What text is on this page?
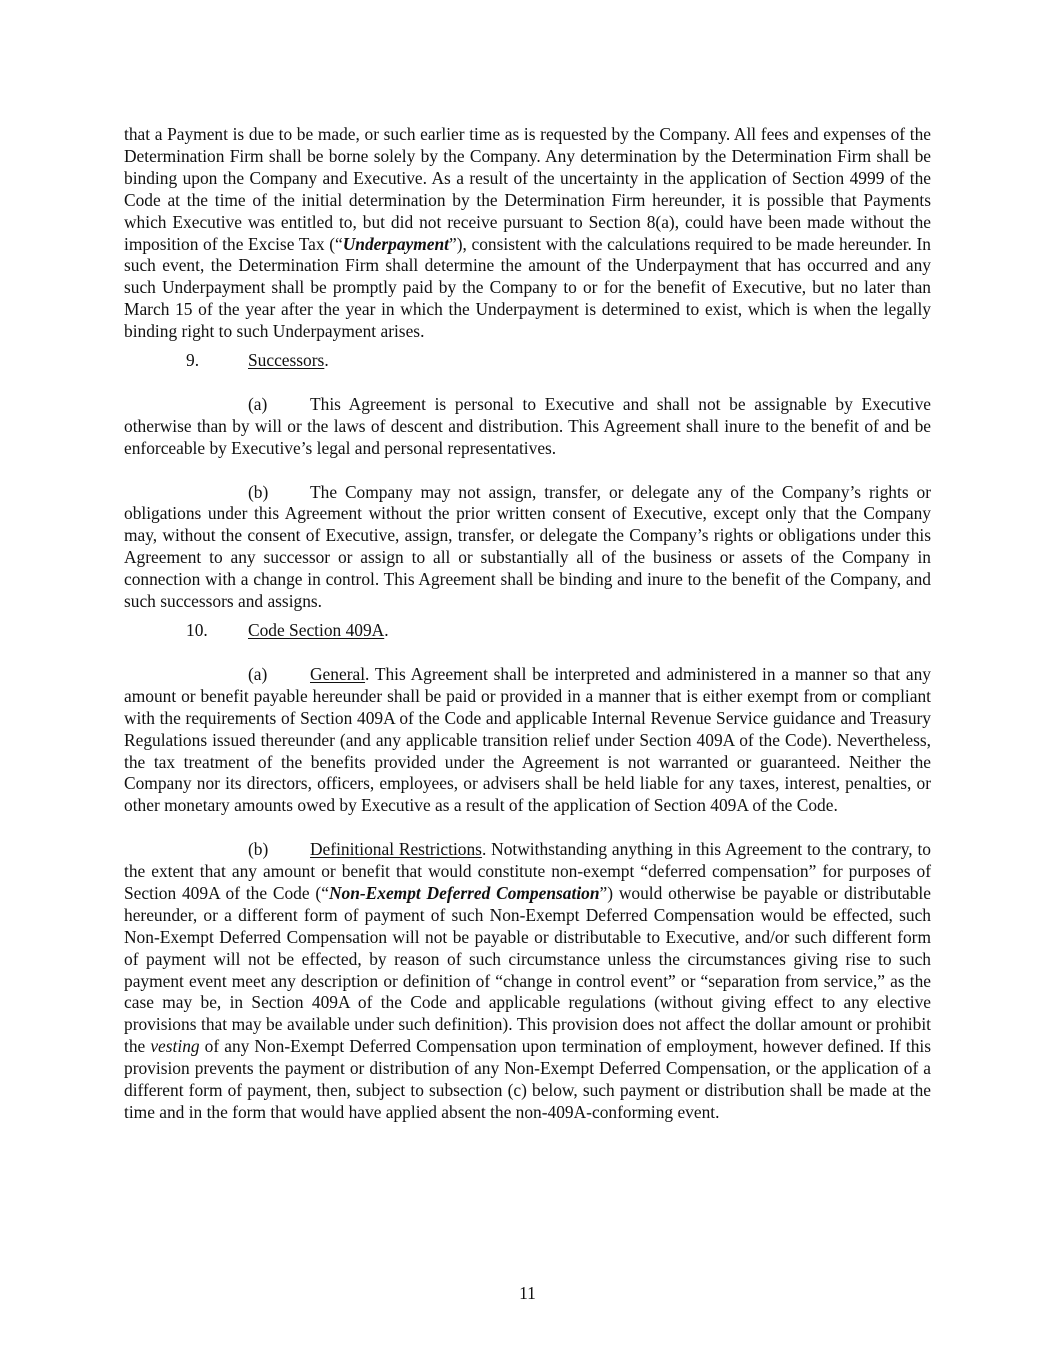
that a Payment is due to be made, or such earlier time as is requested by the Company. All fees and expenses of the Determination Firm shall be borne solely by the Company. Any determination by the Determination Firm shall be binding upon the Company and Executive. As a result of the uncertainty in the application of Section 4999 of the Code at the time of the initial determination by the Determination Firm hereunder, it is possible that Payments which Executive was entitled to, but did not receive pursuant to Section 8(a), could have been made without the imposition of the Excise Tax (“Underpayment”), consistent with the calculations required to be made hereunder. In such event, the Determination Firm shall determine the amount of the Underpayment that has occurred and any such Underpayment shall be promptly paid by the Company to or for the benefit of Executive, but no later than March 15 of the year after the year in which the Underpayment is determined to exist, which is when the legally binding right to such Underpayment arises.

9.	Successors.

(a) This Agreement is personal to Executive and shall not be assignable by Executive otherwise than by will or the laws of descent and distribution. This Agreement shall inure to the benefit of and be enforceable by Executive’s legal and personal representatives.

(b) The Company may not assign, transfer, or delegate any of the Company’s rights or obligations under this Agreement without the prior written consent of Executive, except only that the Company may, without the consent of Executive, assign, transfer, or delegate the Company’s rights or obligations under this Agreement to any successor or assign to all or substantially all of the business or assets of the Company in connection with a change in control. This Agreement shall be binding and inure to the benefit of the Company, and such successors and assigns.

10. Code Section 409A.

(a) General. This Agreement shall be interpreted and administered in a manner so that any amount or benefit payable hereunder shall be paid or provided in a manner that is either exempt from or compliant with the requirements of Section 409A of the Code and applicable Internal Revenue Service guidance and Treasury Regulations issued thereunder (and any applicable transition relief under Section 409A of the Code). Nevertheless, the tax treatment of the benefits provided under the Agreement is not warranted or guaranteed. Neither the Company nor its directors, officers, employees, or advisers shall be held liable for any taxes, interest, penalties, or other monetary amounts owed by Executive as a result of the application of Section 409A of the Code.

(b) Definitional Restrictions. Notwithstanding anything in this Agreement to the contrary, to the extent that any amount or benefit that would constitute non-exempt “deferred compensation” for purposes of Section 409A of the Code (“Non-Exempt Deferred Compensation”) would otherwise be payable or distributable hereunder, or a different form of payment of such Non-Exempt Deferred Compensation would be effected, such Non-Exempt Deferred Compensation will not be payable or distributable to Executive, and/or such different form of payment will not be effected, by reason of such circumstance unless the circumstances giving rise to such payment event meet any description or definition of “change in control event” or “separation from service,” as the case may be, in Section 409A of the Code and applicable regulations (without giving effect to any elective provisions that may be available under such definition). This provision does not affect the dollar amount or prohibit the vesting of any Non-Exempt Deferred Compensation upon termination of employment, however defined. If this provision prevents the payment or distribution of any Non-Exempt Deferred Compensation, or the application of a different form of payment, then, subject to subsection (c) below, such payment or distribution shall be made at the time and in the form that would have applied absent the non-409A-conforming event.

11
